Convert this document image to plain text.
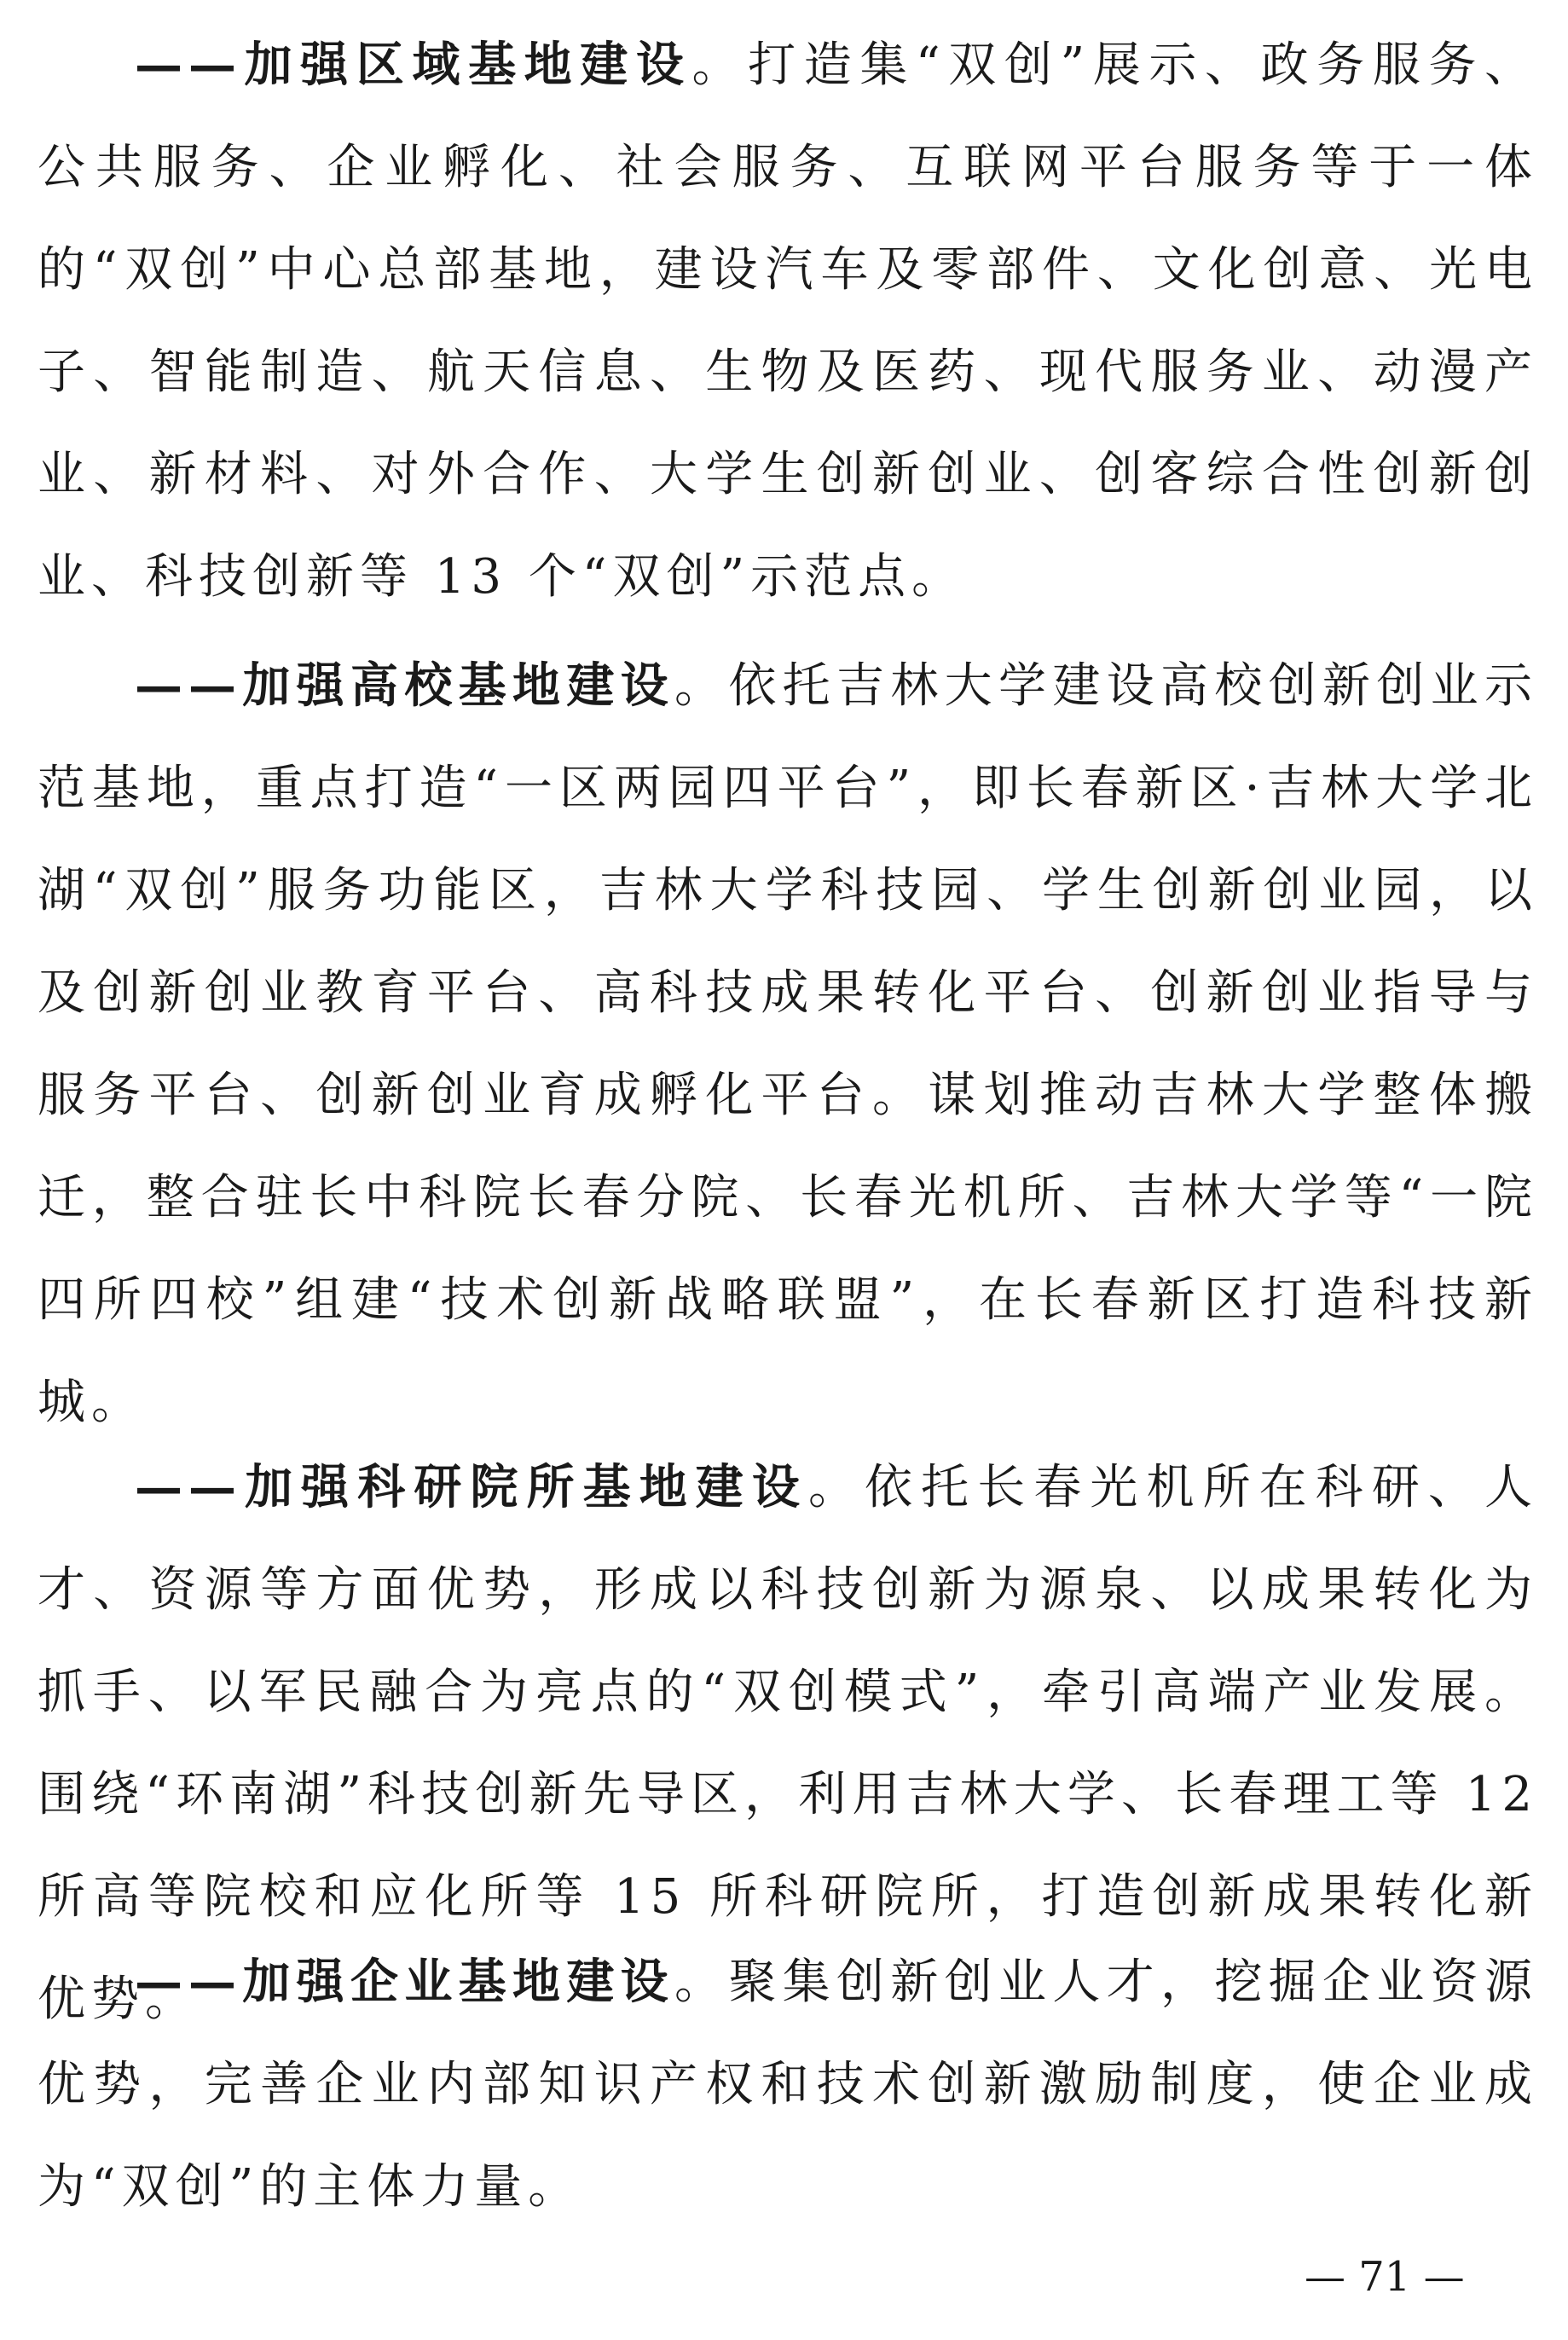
——加强区域基地建设。打造集“双创”展示、政务服务、公共服务、企业孵化、社会服务、互联网平台服务等于一体的“双创”中心总部基地，建设汽车及零部件、文化创意、光电子、智能制造、航天信息、生物及医药、现代服务业、动漫产业、新材料、对外合作、大学生创新创业、创客综合性创新创业、科技创新等 13 个“双创”示范点。

——加强高校基地建设。依托吉林大学建设高校创新创业示范基地，重点打造“一区两园四平台”，即长春新区·吉林大学北湖“双创”服务功能区，吉林大学科技园、学生创新创业园，以及创新创业教育平台、高科技成果转化平台、创新创业指导与服务平台、创新创业育成孵化平台。谋划推动吉林大学整体搬迁，整合驻长中科院长春分院、长春光机所、吉林大学等“一院四所四校”组建“技术创新战略联盟”，在长春新区打造科技新城。

——加强科研院所基地建设。依托长春光机所在科研、人才、资源等方面优势，形成以科技创新为源泉、以成果转化为抓手、以军民融合为亮点的“双创模式”，牵引高端产业发展。围绕“环南湖”科技创新先导区，利用吉林大学、长春理工等 12 所高等院校和应化所等 15 所科研院所，打造创新成果转化新优势。

——加强企业基地建设。聚集创新创业人才，挖掘企业资源优势，完善企业内部知识产权和技术创新激励制度，使企业成为“双创”的主体力量。

— 71 —
